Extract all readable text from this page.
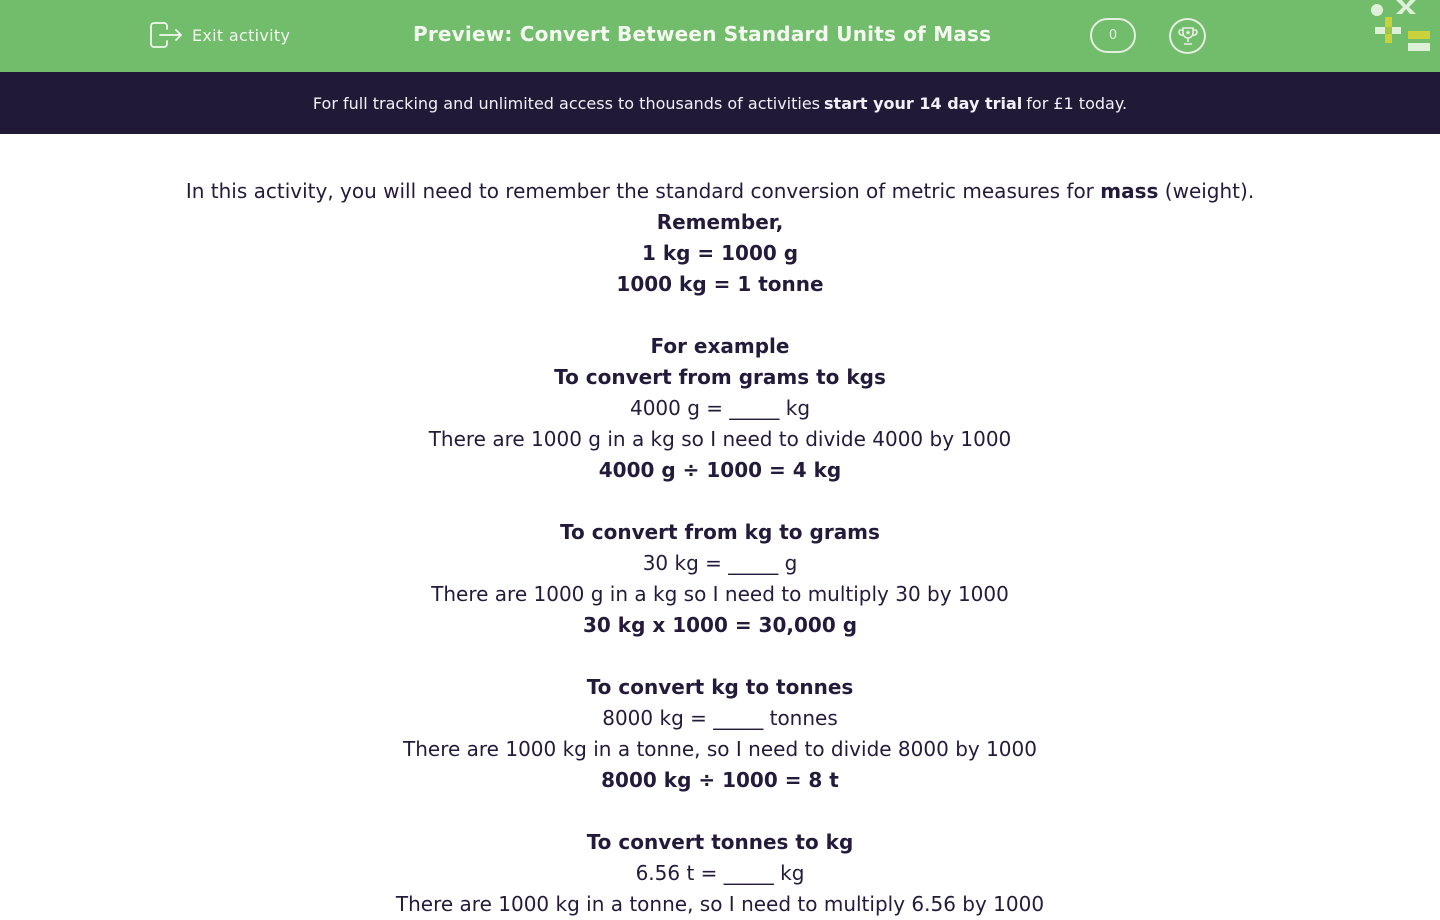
Exit activity	Preview: Convert Between Standard Units of Mass	0
For full tracking and unlimited access to thousands of activities start your 14 day trial for £1 today.

In this activity, you will need to remember the standard conversion of metric measures for mass (weight).

Remember,

1 kg = 1000 g

1000 kg = 1 tonne

For example

To convert from grams to kgs

4000 g = _____ kg

There are 1000 g in a kg so I need to divide 4000 by 1000

4000 g ÷ 1000 = 4 kg

To convert from kg to grams

30 kg = _____ g

There are 1000 g in a kg so I need to multiply 30 by 1000

30 kg x 1000 = 30,000 g

To convert kg to tonnes

8000 kg = _____ tonnes

There are 1000 kg in a tonne, so I need to divide 8000 by 1000

8000 kg ÷ 1000 = 8 t

To convert tonnes to kg

6.56 t = _____ kg

There are 1000 kg in a tonne, so I need to multiply 6.56 by 1000
